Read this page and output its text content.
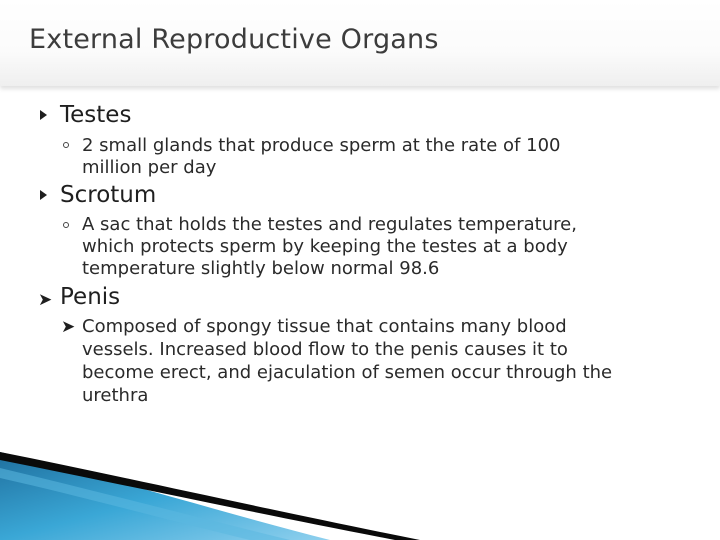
External Reproductive Organs
Testes
2 small glands that produce sperm at the rate of 100
million per day
Scrotum
A sac that holds the testes and regulates temperature,
which protects sperm by keeping the testes at a body
temperature slightly below normal 98.6
➤ Penis
➤ Composed of spongy tissue that contains many blood
vessels. Increased blood flow to the penis causes it to
become erect, and ejaculation of semen occur through the
urethra
